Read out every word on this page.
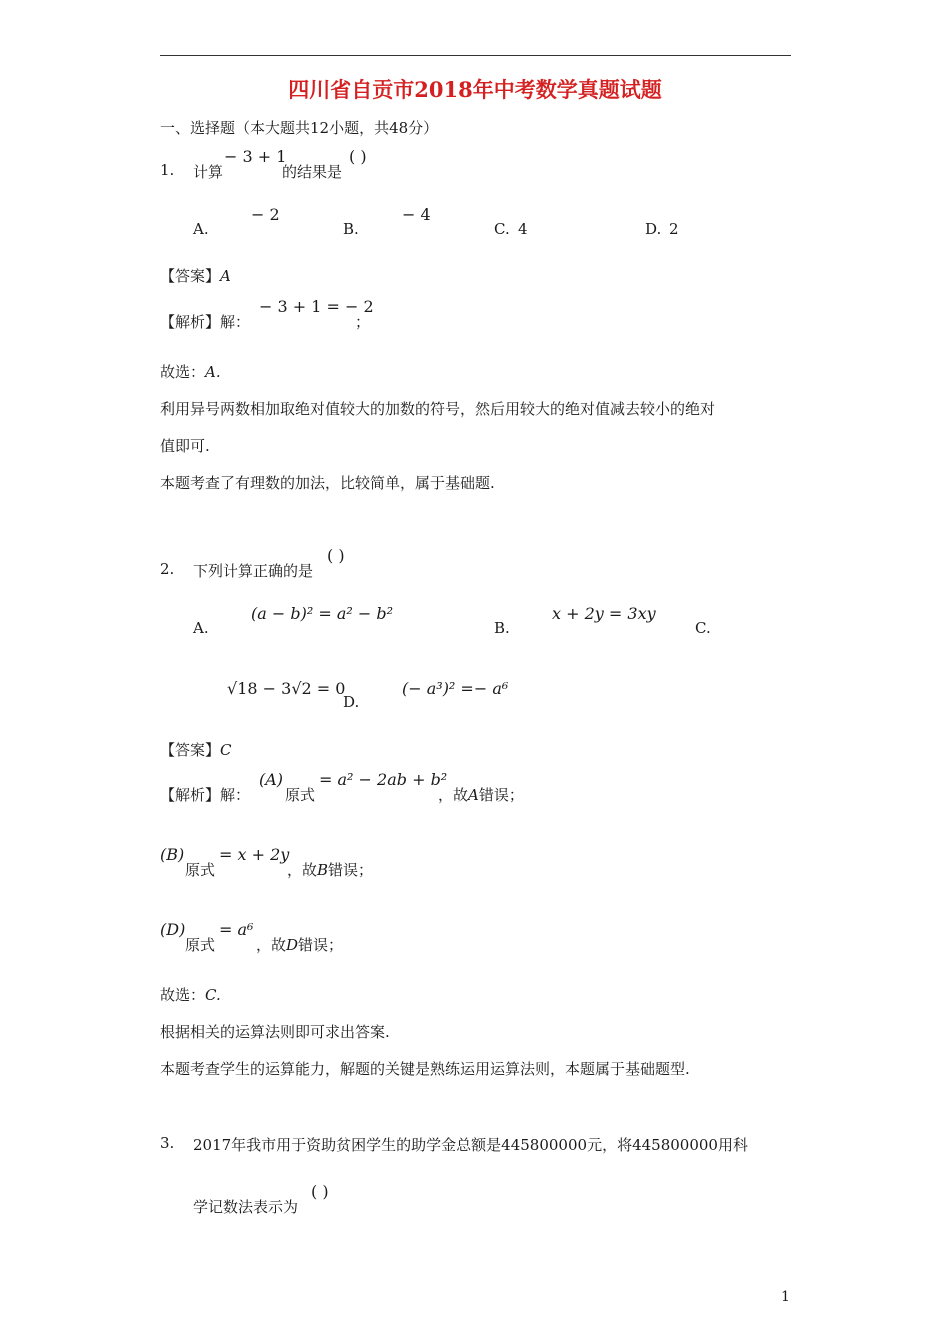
四川省自贡市2018年中考数学真题试题
一、选择题（本大题共12小题，共48分）
1. 计算
− 3 + 1
的结果是
( )
A.
− 2
B.
− 4
C. 4	D. 2
【答案】A
【解析】解：
− 3 + 1 = − 2
；
故选：A.
利用异号两数相加取绝对值较大的加数的符号，然后用较大的绝对值减去较小的绝对
值即可.
本题考查了有理数的加法，比较简单，属于基础题.
2. 下列计算正确的是
( )
A.
(a − b)² = a² − b²
B.
x + 2y = 3xy
C.
√18 − 3√2 = 0
D.
(− a³)² =− a⁶
【答案】C
【解析】解：
(A)
原式
= a² − 2ab + b²
，故A错误；
(B)
原式
= x + 2y
，故B错误；
(D)
原式
= a⁶
，故D错误；
故选：C.
根据相关的运算法则即可求出答案.
本题考查学生的运算能力，解题的关键是熟练运用运算法则，本题属于基础题型.
3. 2017年我市用于资助贫困学生的助学金总额是445800000元，将445800000用科
学记数法表示为
( )
1
